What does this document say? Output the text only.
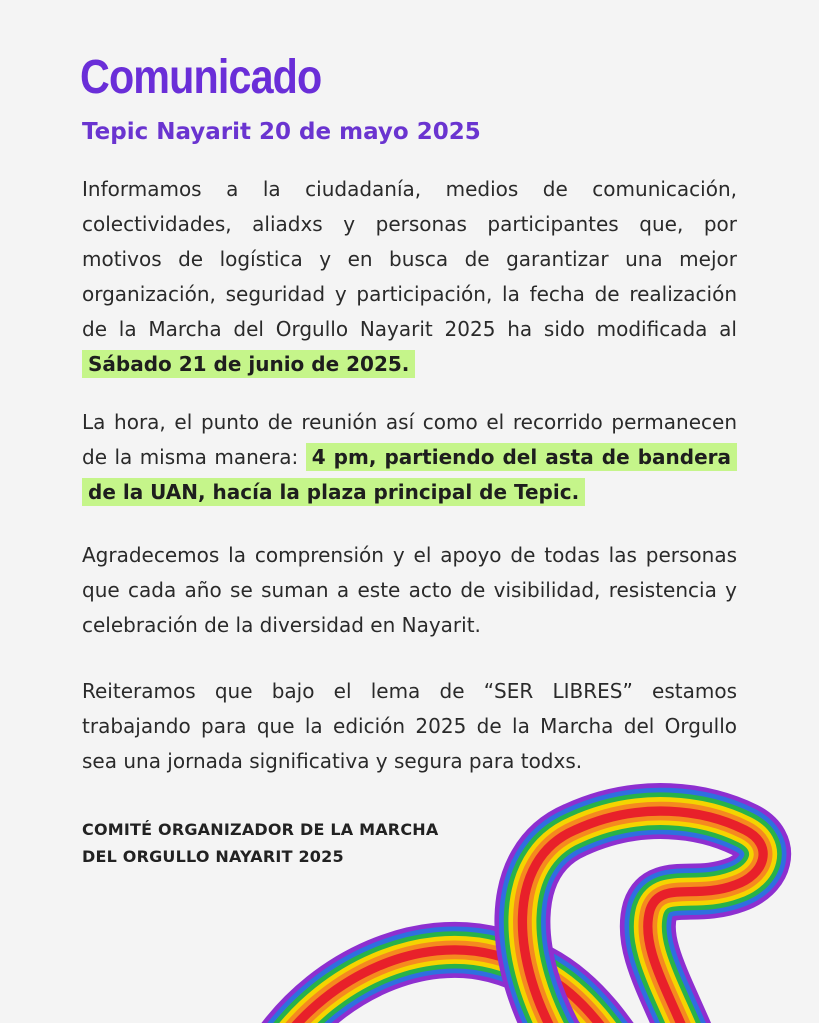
Comunicado
Tepic Nayarit 20 de mayo 2025

Informamos a la ciudadanía, medios de comunicación, colectividades, aliadxs y personas participantes que, por motivos de logística y en busca de garantizar una mejor organización, seguridad y participación, la fecha de realización de la Marcha del Orgullo Nayarit 2025 ha sido modificada al Sábado 21 de junio de 2025.

La hora, el punto de reunión así como el recorrido permanecen de la misma manera: 4 pm, partiendo del asta de bandera de la UAN, hacía la plaza principal de Tepic.

Agradecemos la comprensión y el apoyo de todas las personas que cada año se suman a este acto de visibilidad, resistencia y celebración de la diversidad en Nayarit.

Reiteramos que bajo el lema de “SER LIBRES” estamos trabajando para que la edición 2025 de la Marcha del Orgullo sea una jornada significativa y segura para todxs.

COMITÉ ORGANIZADOR DE LA MARCHA
DEL ORGULLO NAYARIT 2025
